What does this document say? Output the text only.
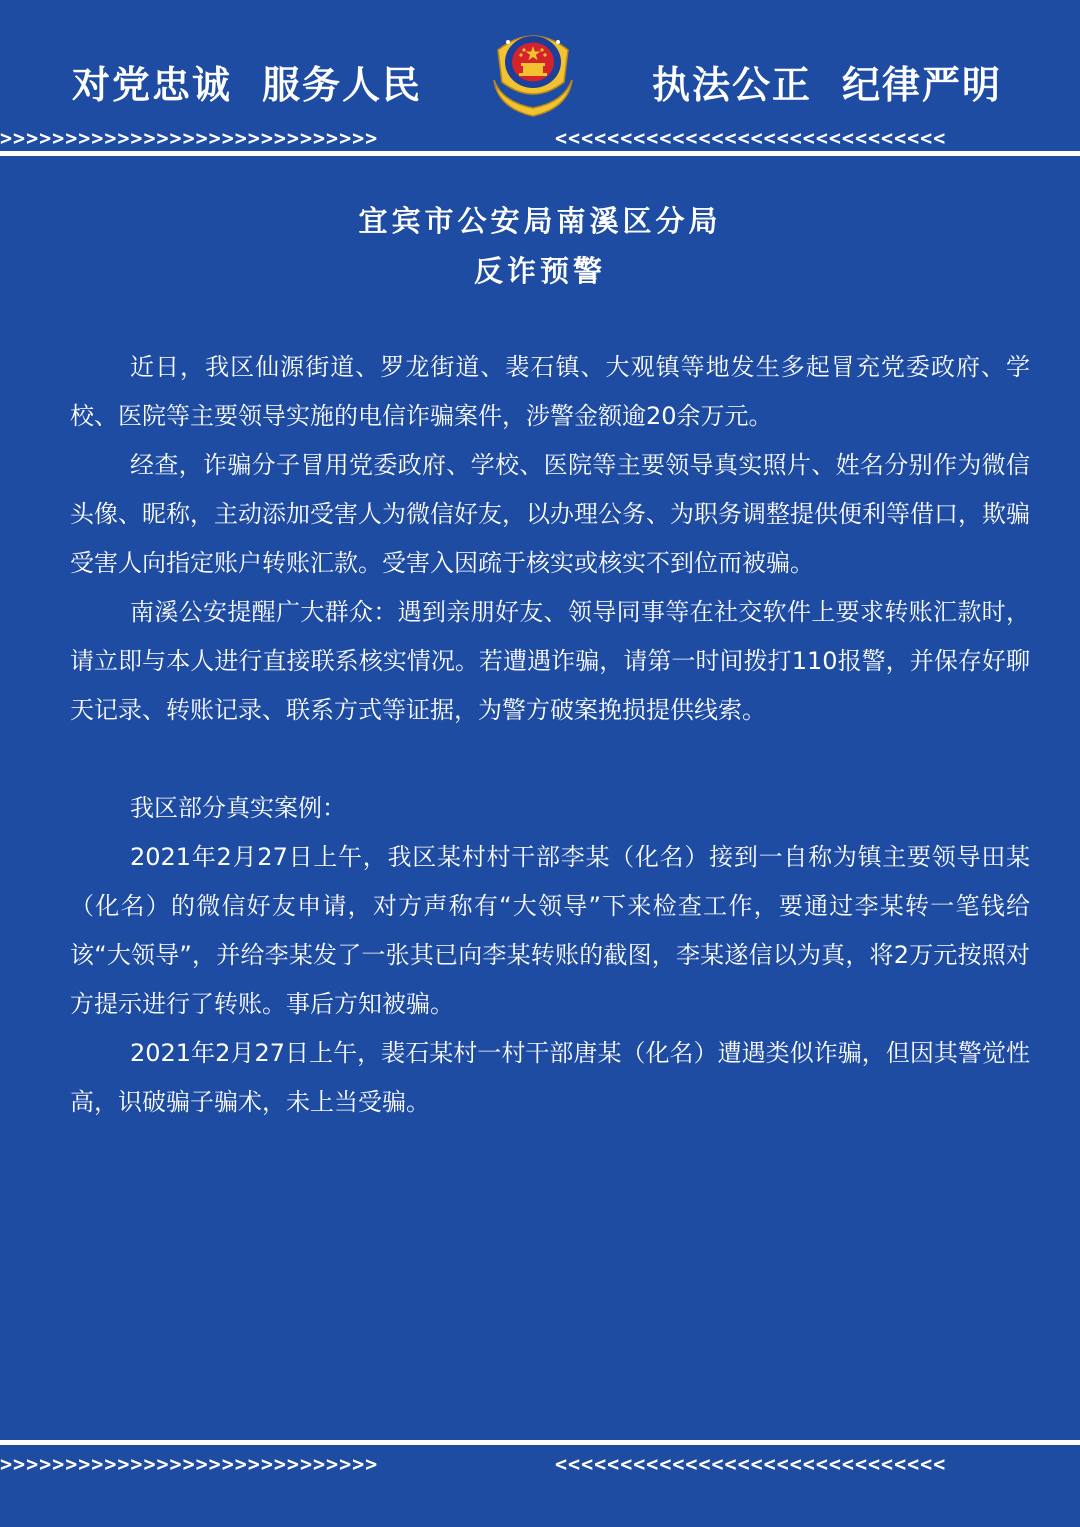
对党忠诚 服务人民	执法公正 纪律严明
>>>>>>>>>>>>>>>>>>>>>>>>>>>>>	<<<<<<<<<<<<<<<<<<<<<<<<<<<<<<
宜宾市公安局南溪区分局
反诈预警

近日，我区仙源街道、罗龙街道、裴石镇、大观镇等地发生多起冒充党委政府、学校、医院等主要领导实施的电信诈骗案件，涉警金额逾20余万元。

经查，诈骗分子冒用党委政府、学校、医院等主要领导真实照片、姓名分别作为微信头像、昵称，主动添加受害人为微信好友，以办理公务、为职务调整提供便利等借口，欺骗受害人向指定账户转账汇款。受害入因疏于核实或核实不到位而被骗。

南溪公安提醒广大群众：遇到亲朋好友、领导同事等在社交软件上要求转账汇款时，请立即与本人进行直接联系核实情况。若遭遇诈骗，请第一时间拨打110报警，并保存好聊天记录、转账记录、联系方式等证据，为警方破案挽损提供线索。

我区部分真实案例：

2021年2月27日上午，我区某村村干部李某（化名）接到一自称为镇主要领导田某（化名）的微信好友申请，对方声称有“大领导”下来检查工作，要通过李某转一笔钱给该“大领导”，并给李某发了一张其已向李某转账的截图，李某遂信以为真，将2万元按照对方提示进行了转账。事后方知被骗。

2021年2月27日上午，裴石某村一村干部唐某（化名）遭遇类似诈骗，但因其警觉性高，识破骗子骗术，未上当受骗。

>>>>>>>>>>>>>>>>>>>>>>>>>>>>>	<<<<<<<<<<<<<<<<<<<<<<<<<<<<<<
